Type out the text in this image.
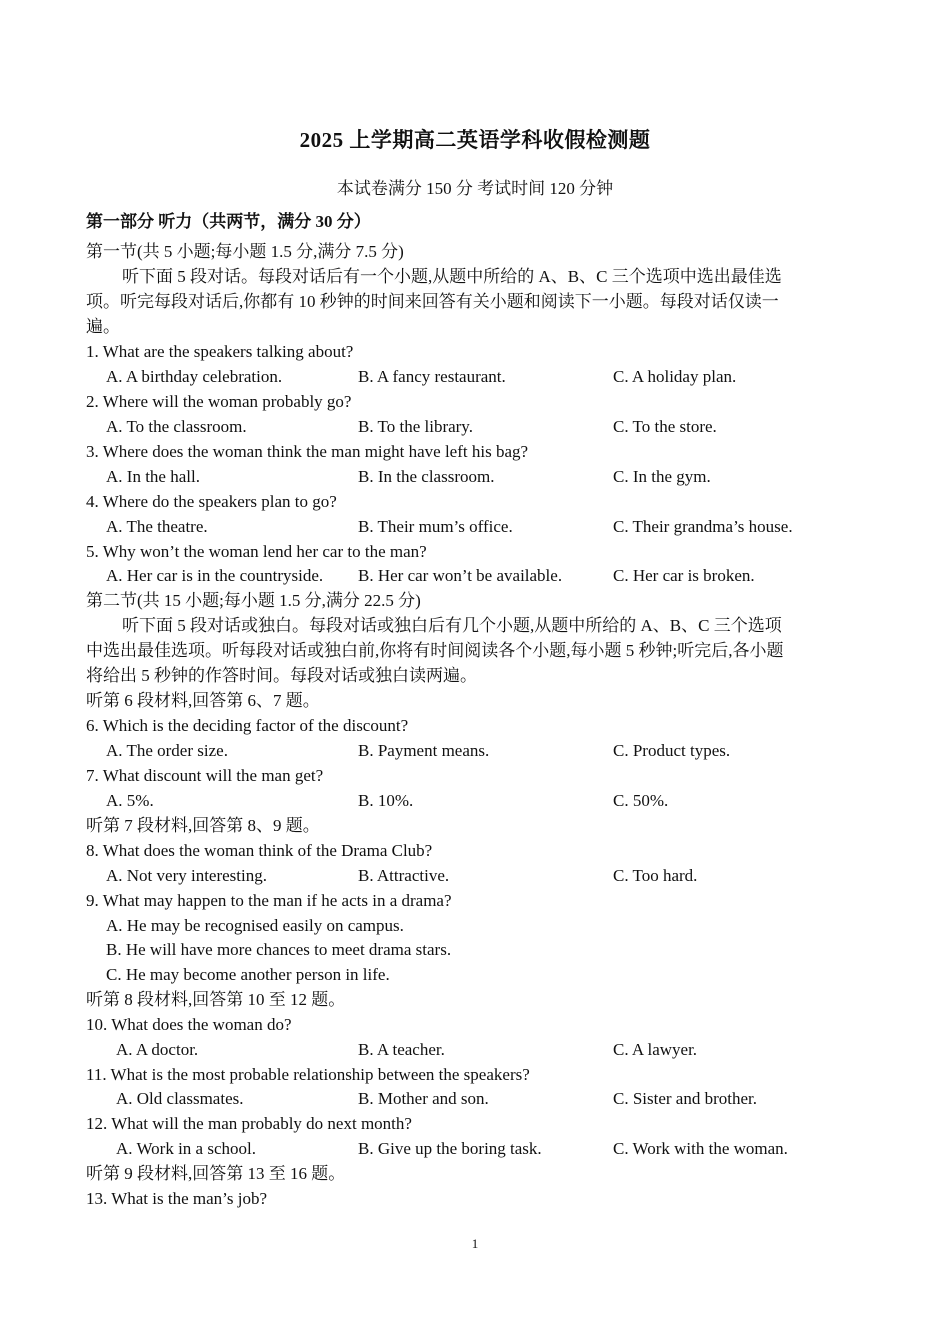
2025 上学期高二英语学科收假检测题
本试卷满分 150 分 考试时间 120 分钟
第一部分 听力（共两节，满分 30 分）
第一节(共 5 小题;每小题 1.5 分,满分 7.5 分)
听下面 5 段对话。每段对话后有一个小题,从题中所给的 A、B、C 三个选项中选出最佳选
项。听完每段对话后,你都有 10 秒钟的时间来回答有关小题和阅读下一小题。每段对话仅读一
遍。
1. What are the speakers talking about?
A. A birthday celebration.	B. A fancy restaurant.	C. A holiday plan.
2. Where will the woman probably go?
A. To the classroom.	B. To the library.	C. To the store.
3. Where does the woman think the man might have left his bag?
A. In the hall.	B. In the classroom.	C. In the gym.
4. Where do the speakers plan to go?
A. The theatre.	B. Their mum’s office.	C. Their grandma’s house.
5. Why won’t the woman lend her car to the man?
A. Her car is in the countryside. B. Her car won’t be available.	C. Her car is broken.
第二节(共 15 小题;每小题 1.5 分,满分 22.5 分)
听下面 5 段对话或独白。每段对话或独白后有几个小题,从题中所给的 A、B、C 三个选项
中选出最佳选项。听每段对话或独白前,你将有时间阅读各个小题,每小题 5 秒钟;听完后,各小题
将给出 5 秒钟的作答时间。每段对话或独白读两遍。
听第 6 段材料,回答第 6、7 题。
6. Which is the deciding factor of the discount?
A. The order size.	B. Payment means.	C. Product types.
7. What discount will the man get?
A. 5%.	B. 10%.	C. 50%.
听第 7 段材料,回答第 8、9 题。
8. What does the woman think of the Drama Club?
A. Not very interesting.	B. Attractive.	C. Too hard.
9. What may happen to the man if he acts in a drama?
A. He may be recognised easily on campus.
B. He will have more chances to meet drama stars.
C. He may become another person in life.
听第 8 段材料,回答第 10 至 12 题。
10. What does the woman do?
A. A doctor.	B. A teacher.	C. A lawyer.
11. What is the most probable relationship between the speakers?
A. Old classmates.	B. Mother and son.	C. Sister and brother.
12. What will the man probably do next month?
A. Work in a school.	B. Give up the boring task.	C. Work with the woman.
听第 9 段材料,回答第 13 至 16 题。
13. What is the man’s job?
1
